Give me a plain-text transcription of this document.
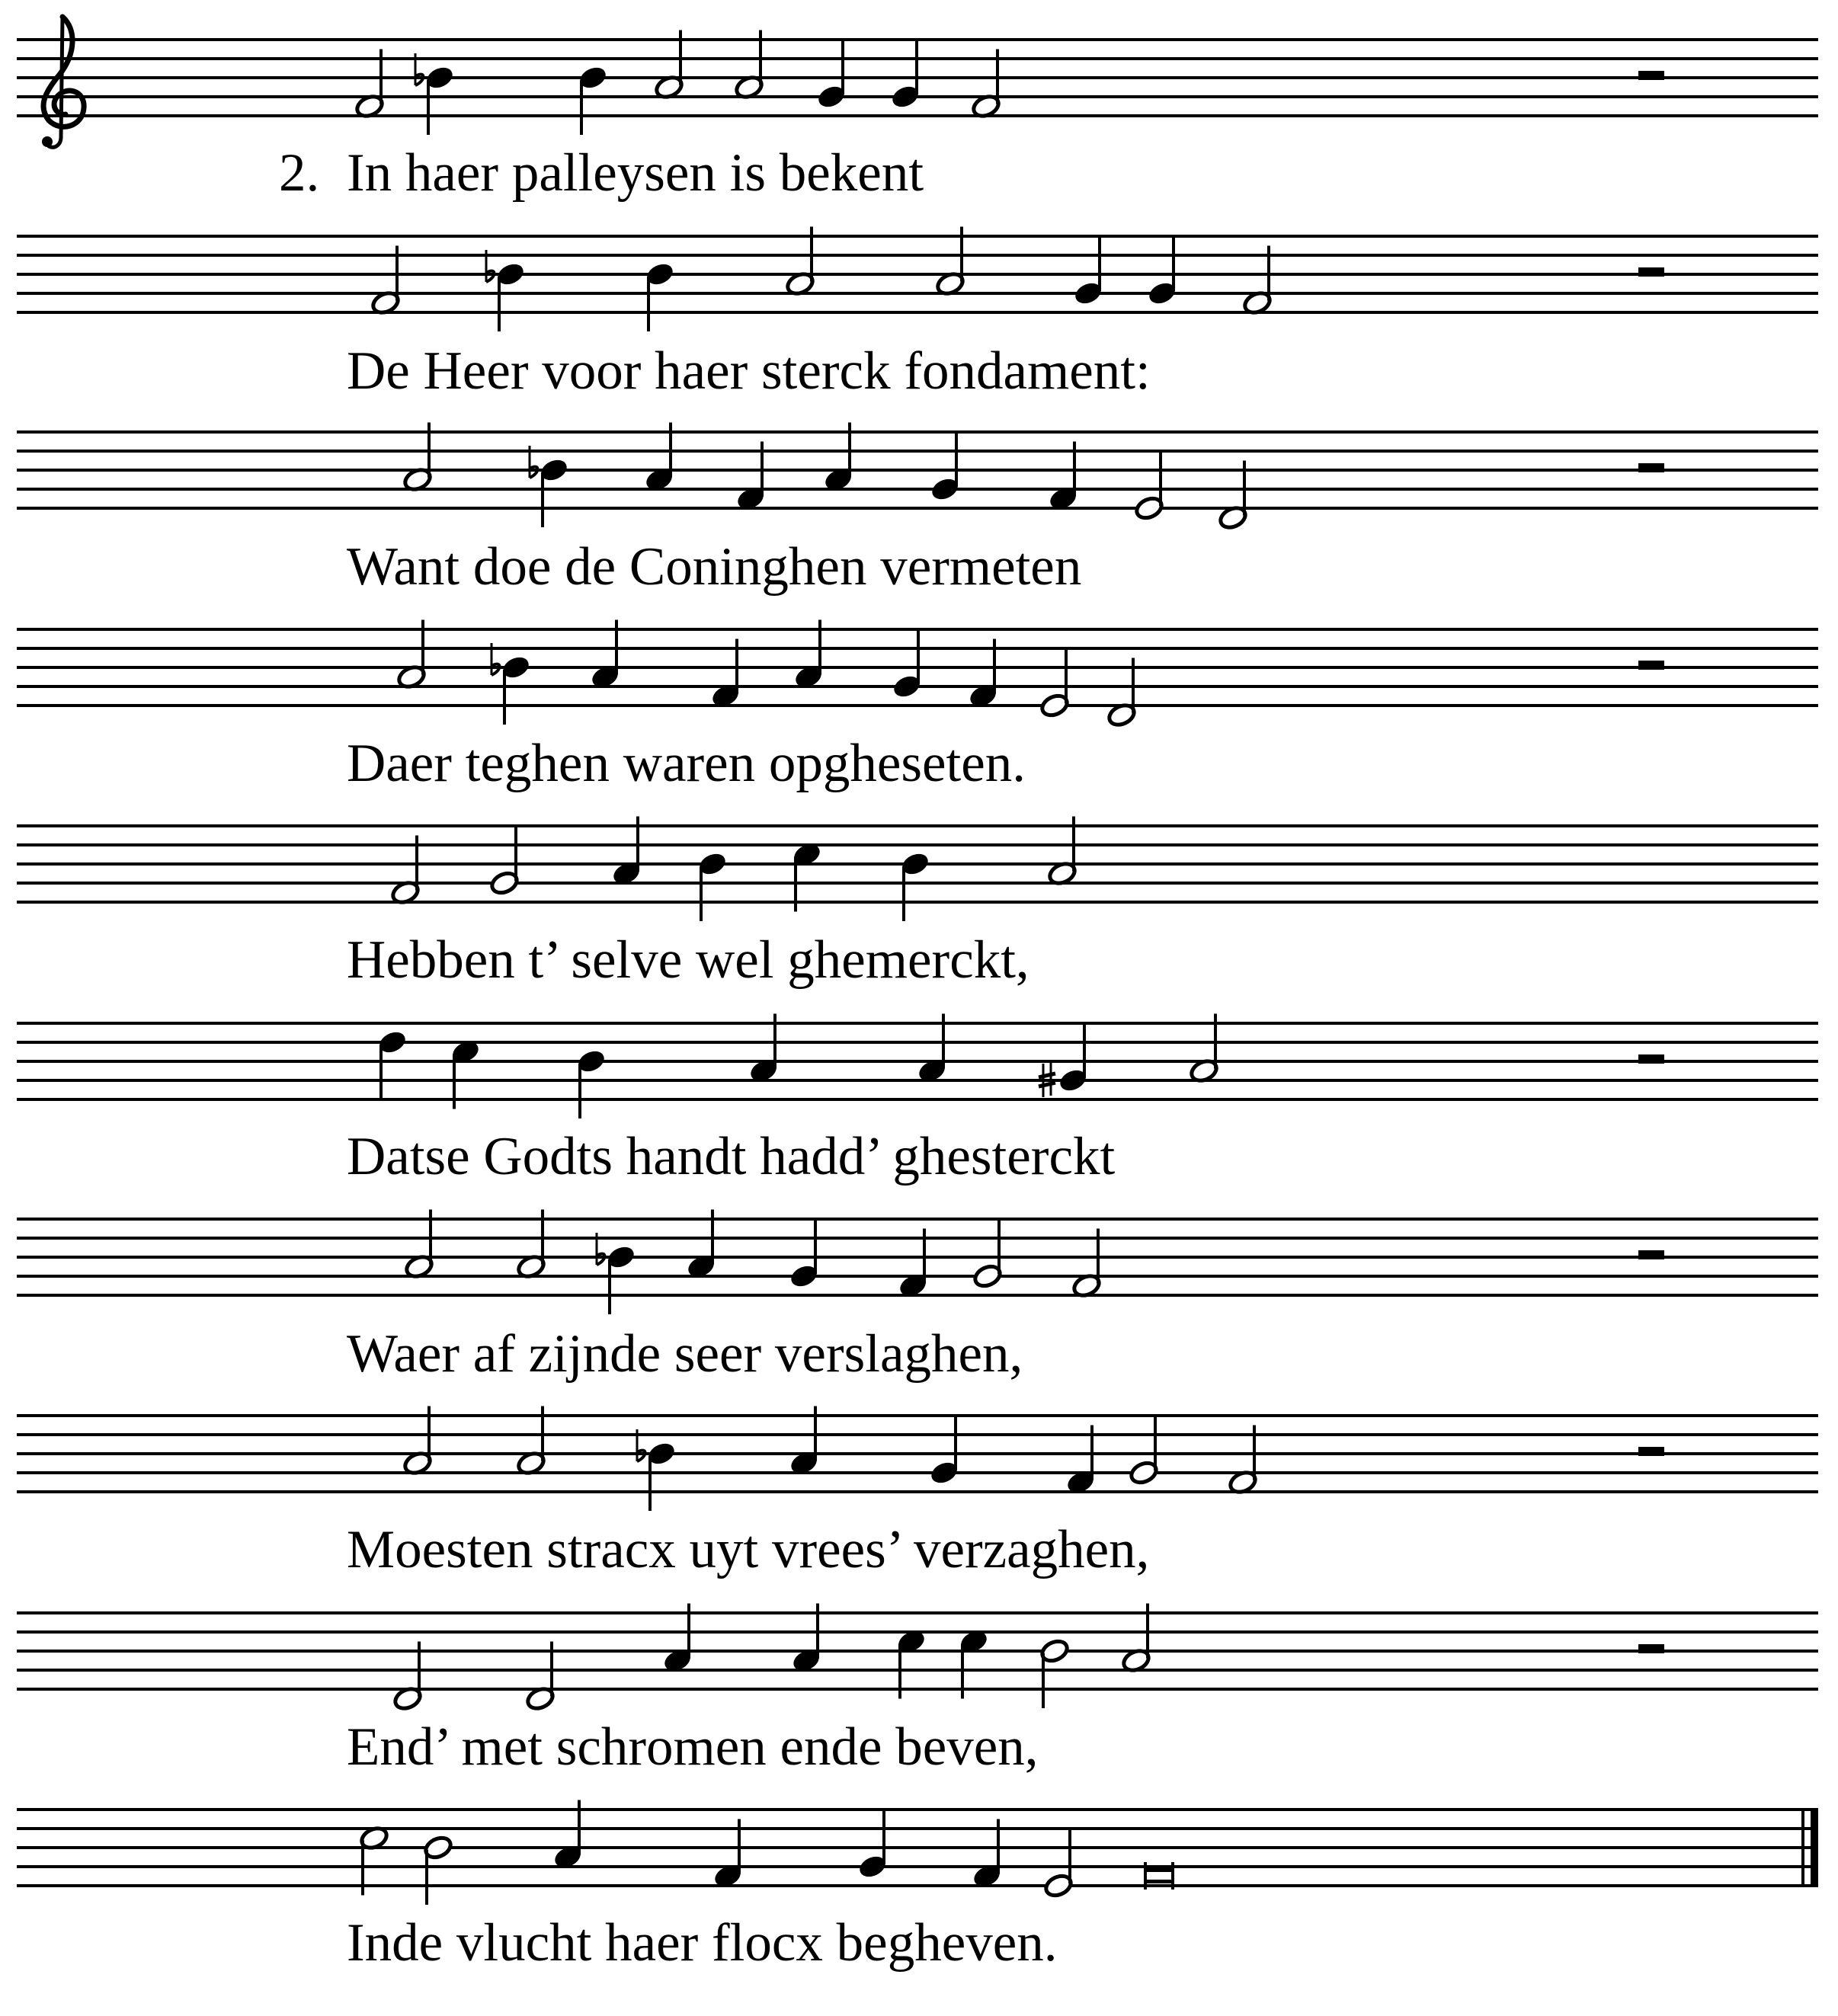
2. In haer palleysen is bekent
De Heer voor haer sterck fondament:
Want doe de Coninghen vermeten
Daer teghen waren opgheseten.
Hebben t’ selve wel ghemerckt,
Datse Godts handt hadd’ ghesterckt
Waer af zijnde seer verslaghen,
Moesten stracx uyt vrees’ verzaghen,
End’ met schromen ende beven,
Inde vlucht haer flocx begheven.
